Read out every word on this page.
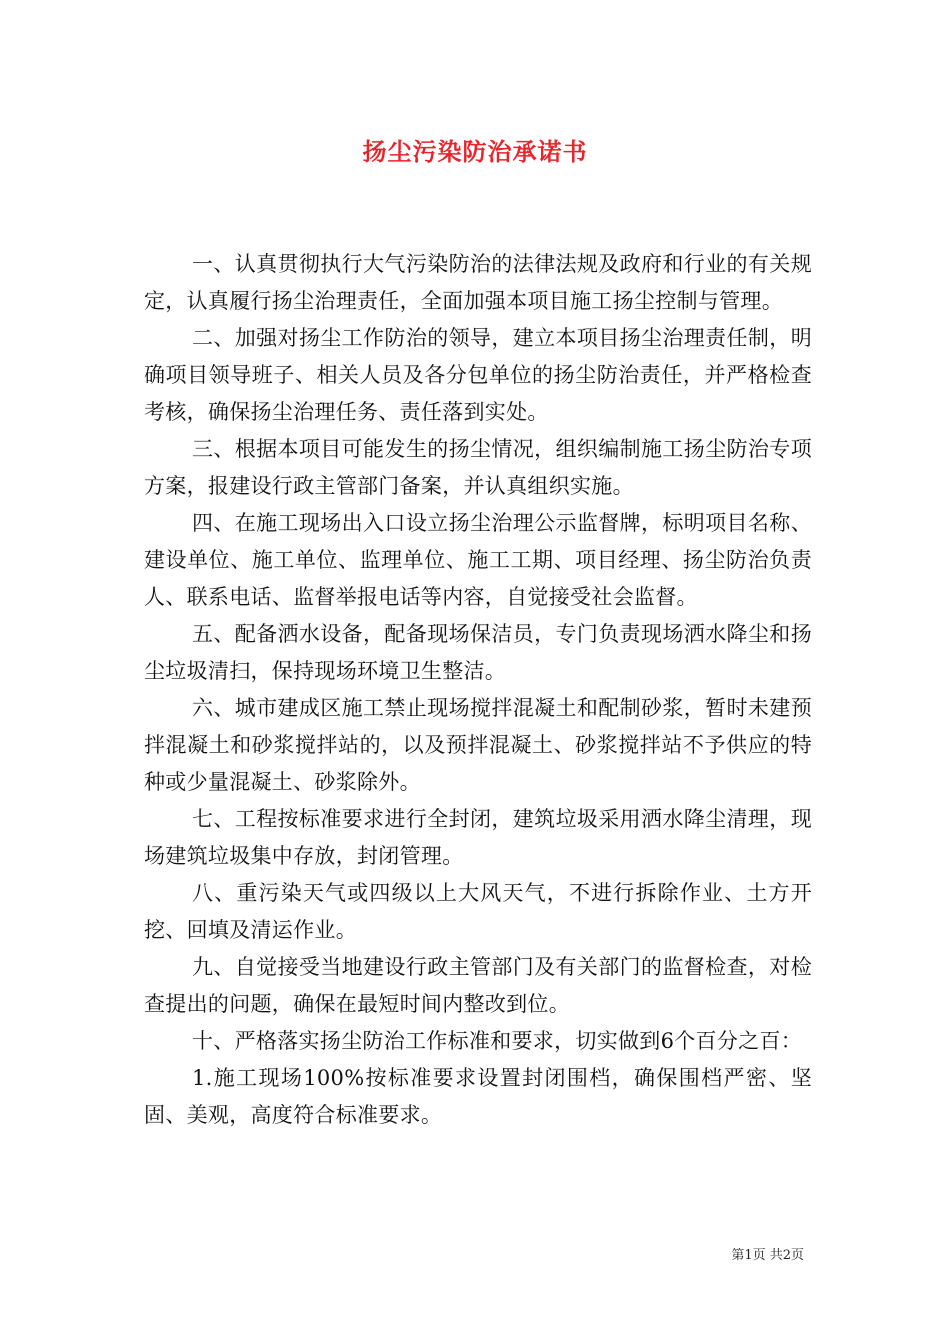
扬尘污染防治承诺书

一、认真贯彻执行大气污染防治的法律法规及政府和行业的有关规定，认真履行扬尘治理责任，全面加强本项目施工扬尘控制与管理。

二、加强对扬尘工作防治的领导，建立本项目扬尘治理责任制，明确项目领导班子、相关人员及各分包单位的扬尘防治责任，并严格检查考核，确保扬尘治理任务、责任落到实处。

三、根据本项目可能发生的扬尘情况，组织编制施工扬尘防治专项方案，报建设行政主管部门备案，并认真组织实施。

四、在施工现场出入口设立扬尘治理公示监督牌，标明项目名称、建设单位、施工单位、监理单位、施工工期、项目经理、扬尘防治负责人、联系电话、监督举报电话等内容，自觉接受社会监督。

五、配备洒水设备，配备现场保洁员，专门负责现场洒水降尘和扬尘垃圾清扫，保持现场环境卫生整洁。

六、城市建成区施工禁止现场搅拌混凝土和配制砂浆，暂时未建预拌混凝土和砂浆搅拌站的，以及预拌混凝土、砂浆搅拌站不予供应的特种或少量混凝土、砂浆除外。

七、工程按标准要求进行全封闭，建筑垃圾采用洒水降尘清理，现场建筑垃圾集中存放，封闭管理。

八、重污染天气或四级以上大风天气，不进行拆除作业、土方开挖、回填及清运作业。

九、自觉接受当地建设行政主管部门及有关部门的监督检查，对检查提出的问题，确保在最短时间内整改到位。

十、严格落实扬尘防治工作标准和要求，切实做到6个百分之百：

1.施工现场100%按标准要求设置封闭围档，确保围档严密、坚固、美观，高度符合标准要求。

第1页 共2页
